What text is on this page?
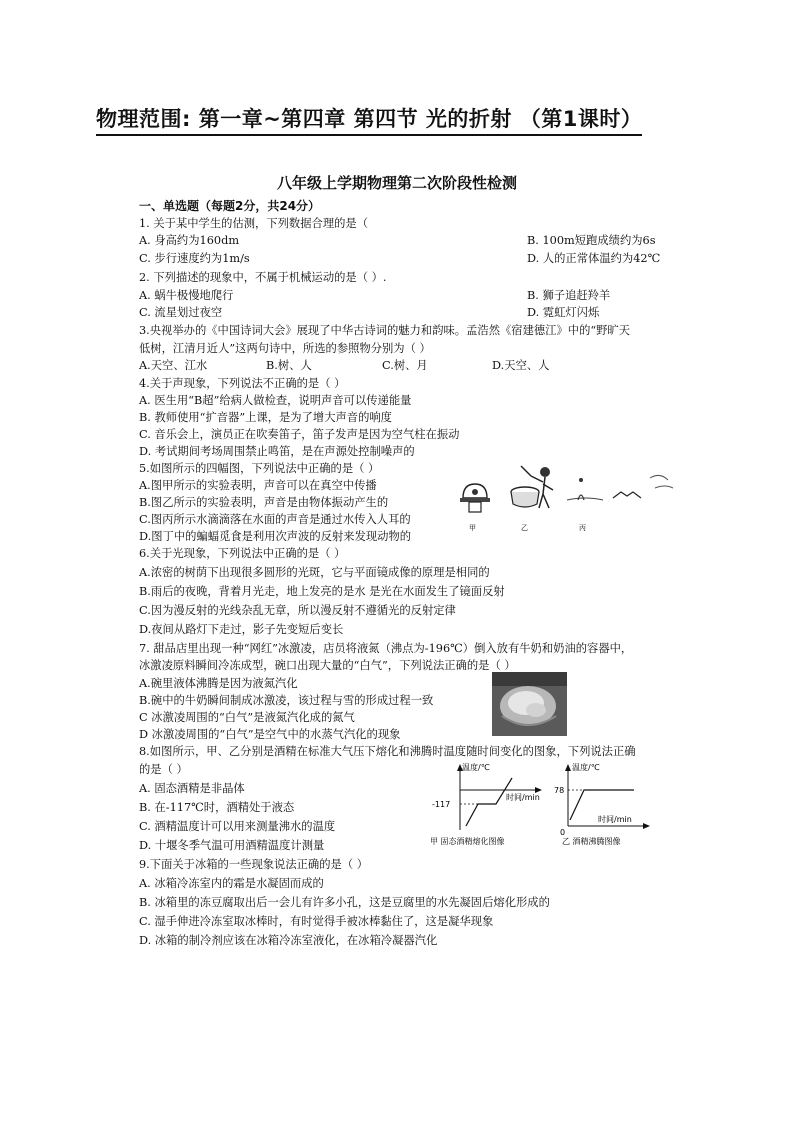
物理范围: 第一章~第四章 第四节 光的折射 （第1课时）
八年级上学期物理第二次阶段性检测
一、单选题（每题2分，共24分）
1. 关于某中学生的估测，下列数据合理的是（
A. 身高约为160dm	B. 100m短跑成绩约为6s
C. 步行速度约为1m/s	D. 人的正常体温约为42℃
2. 下列描述的现象中，不属于机械运动的是（ ）.
A. 蜗牛极慢地爬行	B. 狮子追赶羚羊
C. 流星划过夜空	D. 霓虹灯闪烁
3.央视举办的《中国诗词大会》展现了中华古诗词的魅力和韵味。孟浩然《宿建德江》中的“野旷天
低树，江清月近人”这两句诗中，所选的参照物分别为（ ）
A.天空、江水	B.树、人	C.树、月	D.天空、人
4.关于声现象，下列说法不正确的是（ ）
A. 医生用“B超”给病人做检查，说明声音可以传递能量
B. 教师使用“扩音器”上课，是为了增大声音的响度
C. 音乐会上，演员正在吹奏笛子，笛子发声是因为空气柱在振动
D. 考试期间考场周围禁止鸣笛，是在声源处控制噪声的
5.如图所示的四幅图，下列说法中正确的是（ ）
A.图甲所示的实验表明，声音可以在真空中传播
B.图乙所示的实验表明，声音是由物体振动产生的
C.图丙所示水滴滴落在水面的声音是通过水传入人耳的
D.图丁中的蝙蝠觅食是利用次声波的反射来发现动物的
甲	乙	丙
6.关于光现象，下列说法中正确的是（ ）
A.浓密的树荫下出现很多圆形的光斑，它与平面镜成像的原理是相同的
B.雨后的夜晚，背着月光走，地上发亮的是水 是光在水面发生了镜面反射
C.因为漫反射的光线杂乱无章，所以漫反射不遵循光的反射定律
D.夜间从路灯下走过，影子先变短后变长
7. 甜品店里出现一种“网红”冰激凌，店员将液氮（沸点为-196℃）倒入放有牛奶和奶油的容器中，
冰激凌原料瞬间冷冻成型，碗口出现大量的“白气”，下列说法正确的是（ ）
A.碗里液体沸腾是因为液氮汽化
B.碗中的牛奶瞬间制成冰激凌，该过程与雪的形成过程一致
C 冰激凌周围的“白气”是液氮汽化成的氮气
D 冰激凌周围的“白气”是空气中的水蒸气汽化的现象
8.如图所示，甲、乙分别是酒精在标准大气压下熔化和沸腾时温度随时间变化的图象，下列说法正确
的是（ ）
A. 固态酒精是非晶体
B. 在-117℃时，酒精处于液态
C. 酒精温度计可以用来测量沸水的温度
D. 十堰冬季气温可用酒精温度计测量
温度/℃
时间/min
-117
甲 固态酒精熔化图像
温度/℃
时间/min
78
0
乙 酒精沸腾图像
9.下面关于冰箱的一些现象说法正确的是（ ）
A. 冰箱冷冻室内的霜是水凝固而成的
B. 冰箱里的冻豆腐取出后一会儿有许多小孔，这是豆腐里的水先凝固后熔化形成的
C. 湿手伸进冷冻室取冰棒时，有时觉得手被冰棒黏住了，这是凝华现象
D. 冰箱的制冷剂应该在冰箱冷冻室液化，在冰箱冷凝器汽化
